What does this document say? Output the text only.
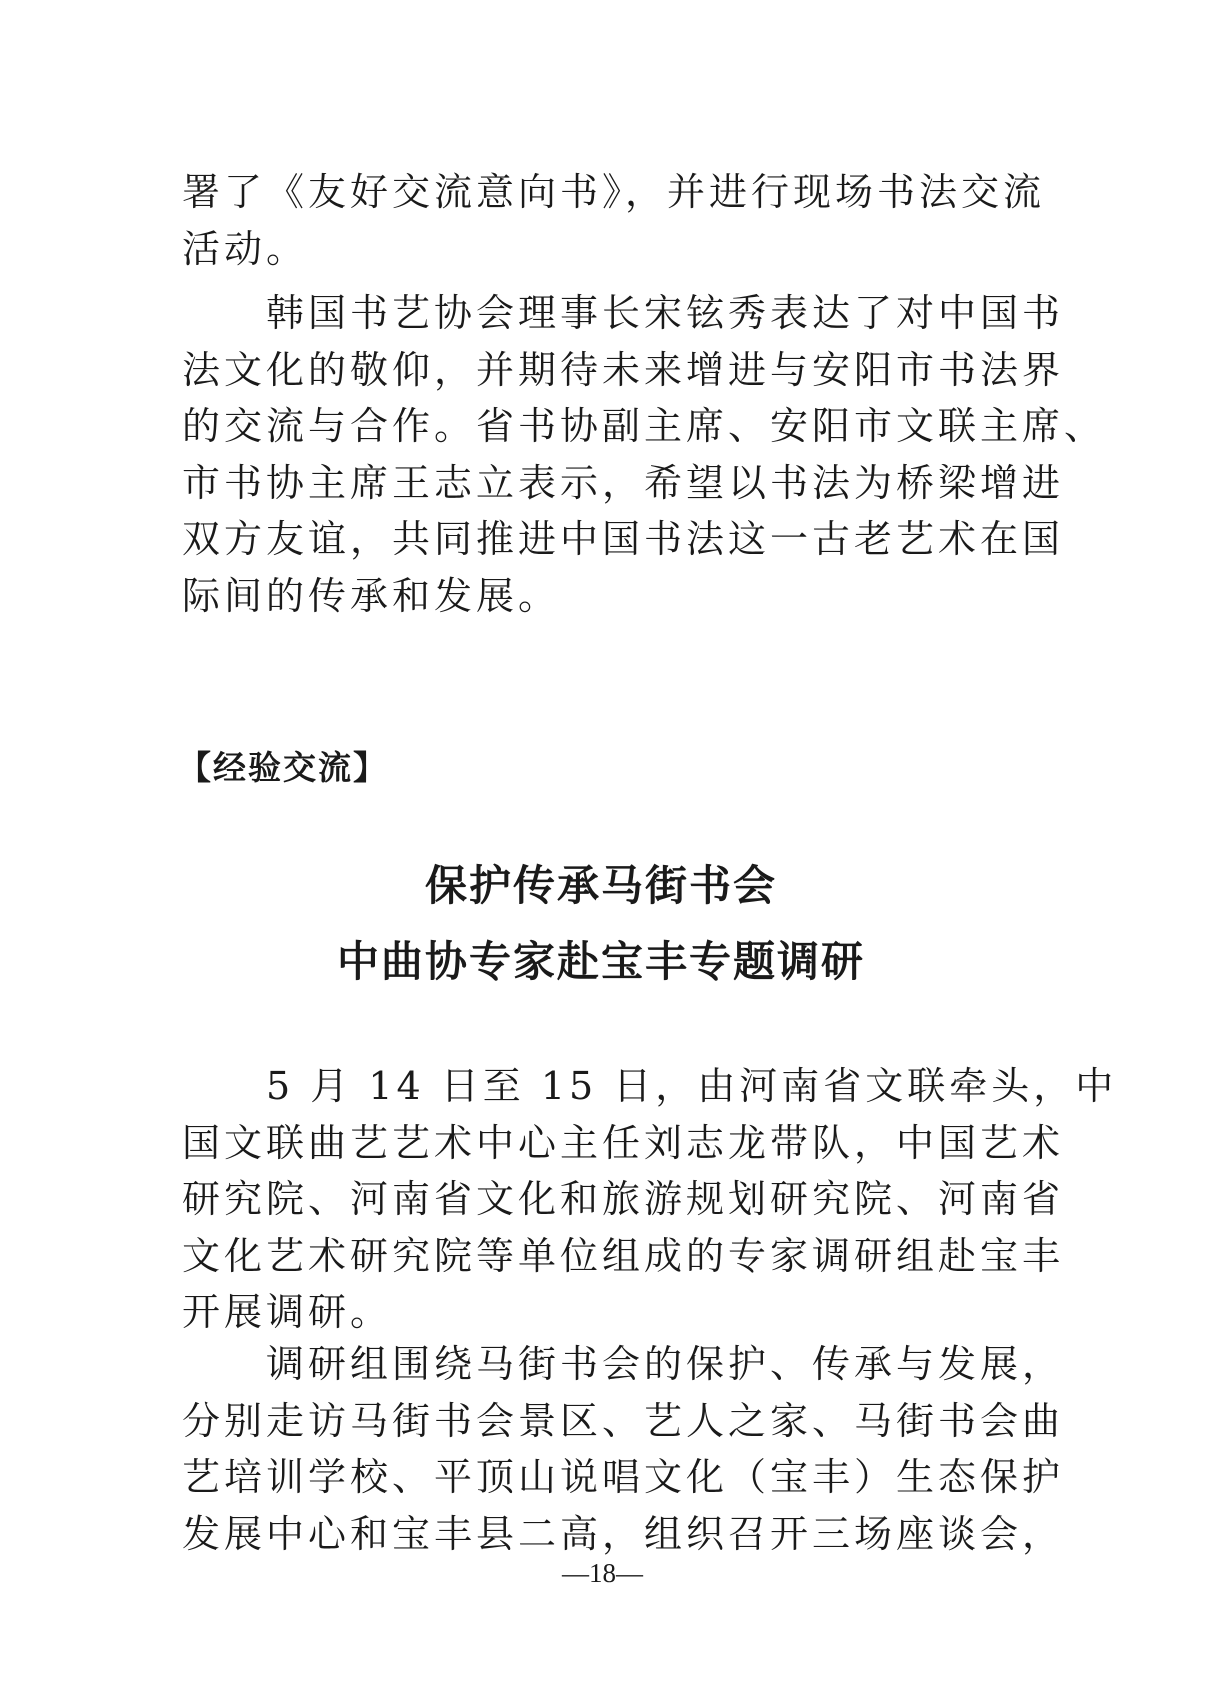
署了《友好交流意向书》，并进行现场书法交流
活动。
　　韩国书艺协会理事长宋铉秀表达了对中国书
法文化的敬仰，并期待未来增进与安阳市书法界
的交流与合作。省书协副主席、安阳市文联主席、
市书协主席王志立表示，希望以书法为桥梁增进
双方友谊，共同推进中国书法这一古老艺术在国
际间的传承和发展。

【经验交流】

保护传承马街书会
中曲协专家赴宝丰专题调研
　　5 月 14 日至 15 日，由河南省文联牵头，中
国文联曲艺艺术中心主任刘志龙带队，中国艺术
研究院、河南省文化和旅游规划研究院、河南省
文化艺术研究院等单位组成的专家调研组赴宝丰
开展调研。
　　调研组围绕马街书会的保护、传承与发展，
分别走访马街书会景区、艺人之家、马街书会曲
艺培训学校、平顶山说唱文化（宝丰）生态保护
发展中心和宝丰县二高，组织召开三场座谈会，

—18—
